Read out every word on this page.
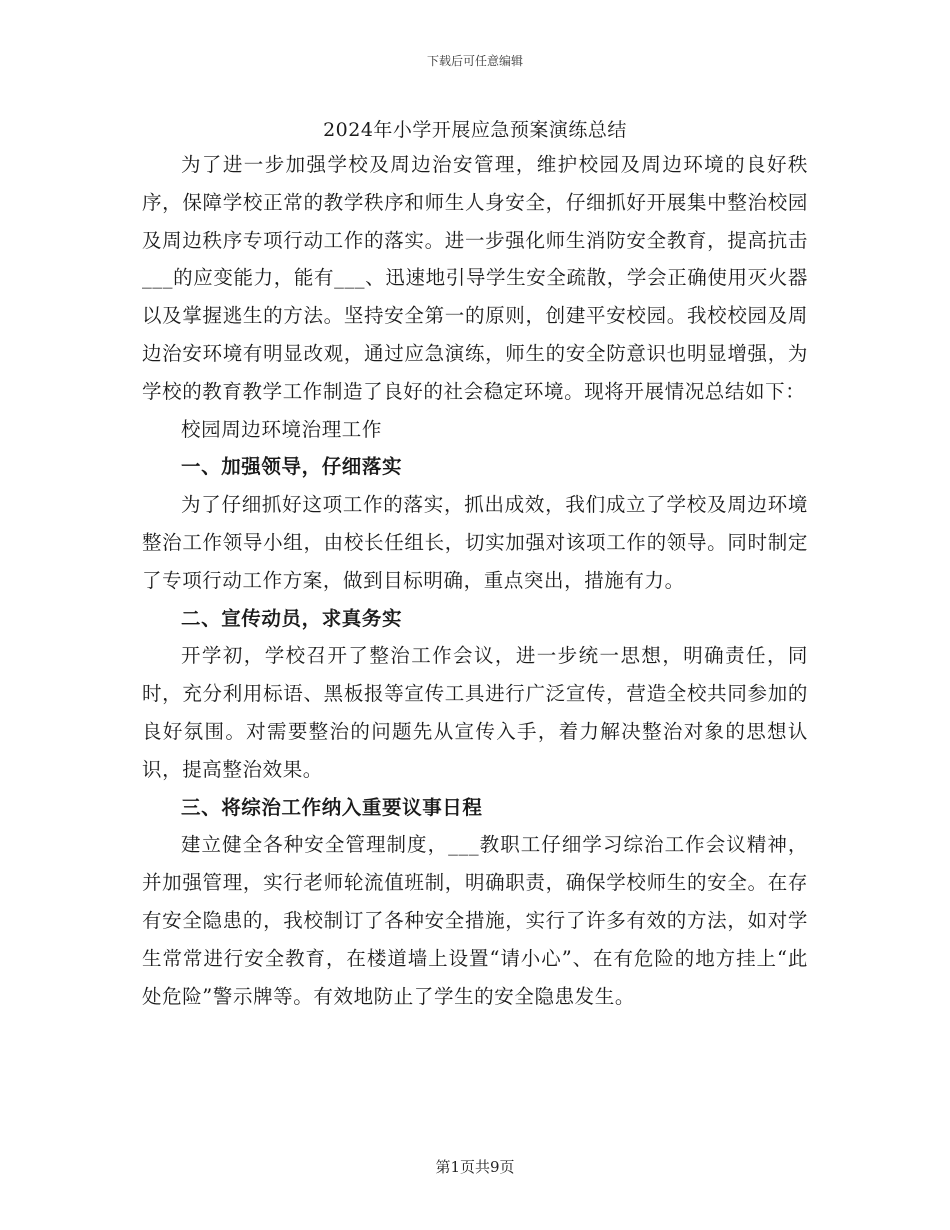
下载后可任意编辑
2024年小学开展应急预案演练总结

为了进一步加强学校及周边治安管理，维护校园及周边环境的良好秩序，保障学校正常的教学秩序和师生人身安全，仔细抓好开展集中整治校园及周边秩序专项行动工作的落实。进一步强化师生消防安全教育，提高抗击___的应变能力，能有___、迅速地引导学生安全疏散，学会正确使用灭火器以及掌握逃生的方法。坚持安全第一的原则，创建平安校园。我校校园及周边治安环境有明显改观，通过应急演练，师生的安全防意识也明显增强，为学校的教育教学工作制造了良好的社会稳定环境。现将开展情况总结如下：

校园周边环境治理工作

一、加强领导，仔细落实

为了仔细抓好这项工作的落实，抓出成效，我们成立了学校及周边环境整治工作领导小组，由校长任组长，切实加强对该项工作的领导。同时制定了专项行动工作方案，做到目标明确，重点突出，措施有力。

二、宣传动员，求真务实

开学初，学校召开了整治工作会议，进一步统一思想，明确责任，同时，充分利用标语、黑板报等宣传工具进行广泛宣传，营造全校共同参加的良好氛围。对需要整治的问题先从宣传入手，着力解决整治对象的思想认识，提高整治效果。

三、将综治工作纳入重要议事日程

建立健全各种安全管理制度，___教职工仔细学习综治工作会议精神，并加强管理，实行老师轮流值班制，明确职责，确保学校师生的安全。在存有安全隐患的，我校制订了各种安全措施，实行了许多有效的方法，如对学生常常进行安全教育，在楼道墙上设置“请小心”、在有危险的地方挂上“此处危险”警示牌等。有效地防止了学生的安全隐患发生。

第1页共9页
